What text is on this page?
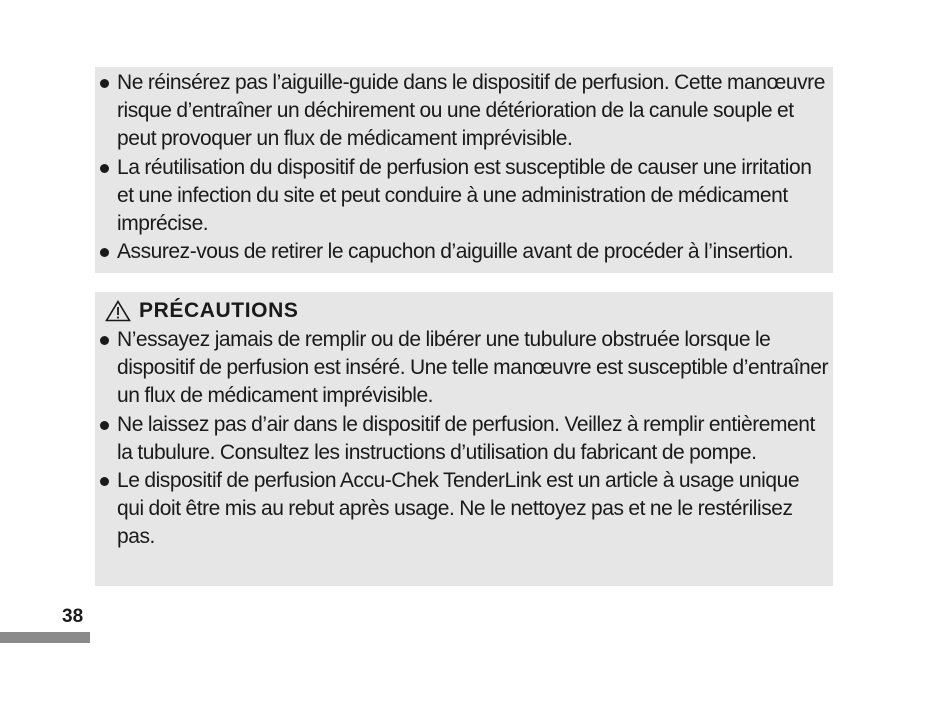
Ne réinsérez pas l’aiguille-guide dans le dispositif de perfusion. Cette manœuvre risque d’entraîner un déchirement ou une détérioration de la canule souple et peut provoquer un flux de médicament imprévisible.
La réutilisation du dispositif de perfusion est susceptible de causer une irritation et une infection du site et peut conduire à une administration de médicament imprécise.
Assurez-vous de retirer le capuchon d’aiguille avant de procéder à l’insertion.
PRÉCAUTIONS
N’essayez jamais de remplir ou de libérer une tubulure obstruée lorsque le dispositif de perfusion est inséré. Une telle manœuvre est susceptible d’entraîner un flux de médicament imprévisible.
Ne laissez pas d’air dans le dispositif de perfusion. Veillez à remplir entièrement la tubulure. Consultez les instructions d’utilisation du fabricant de pompe.
Le dispositif de perfusion Accu-Chek TenderLink est un article à usage unique qui doit être mis au rebut après usage. Ne le nettoyez pas et ne le restérilisez pas.
38
